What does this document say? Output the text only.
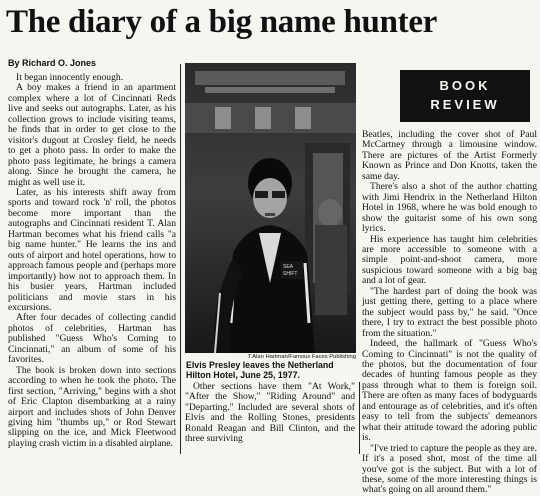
The diary of a big name hunter
By Richard O. Jones

It began innocently enough.

A boy makes a friend in an apartment complex where a lot of Cincinnati Reds live and seeks out autographs. Later, as his collection grows to include visiting teams, he finds that in order to get close to the visitor's dugout at Crosley field, he needs to get a photo pass. In order to make the photo pass legitimate, he brings a camera along. Since he brought the camera, he might as well use it.

Later, as his interests shift away from sports and toward rock 'n' roll, the photos become more important than the autographs and Cincinnati resident T. Alan Hartman becomes what his friend calls "a big name hunter." He learns the ins and outs of airport and hotel operations, how to approach famous people and (perhaps more importantly) how not to approach them. In his busier years, Hartman included politicians and movie stars in his excursions.

After four decades of collecting candid photos of celebrities, Hartman has published "Guess Who's Coming to Cincinnati," an album of some of his favorites.

The book is broken down into sections according to when he took the photo. The first section, "Arriving," begins with a shot of Eric Clapton disembarking at a rainy airport and includes shots of John Denver giving him "thumbs up," or Rod Stewart slipping on the ice, and Mick Fleetwood playing crash victim in a disabled airplane.

SEA
SHIFT
T.Alan Hartman/Famous Faces Publishing
Elvis Presley leaves the Netherland Hilton Hotel, June 25, 1977.

Other sections have them "At Work," "After the Show," "Riding Around" and "Departing." Included are several shots of Elvis and the Rolling Stones, presidents Ronald Reagan and Bill Clinton, and the three surviving

BOOK
REVIEW

Beatles, including the cover shot of Paul McCartney through a limousine window. There are pictures of the Artist Formerly Known as Prince and Don Knotts, taken the same day.

There's also a shot of the author chatting with Jimi Hendrix in the Netherland Hilton Hotel in 1968, where he was bold enough to show the guitarist some of his own song lyrics.

His experience has taught him celebrities are more accessible to someone with a simple point-and-shoot camera, more suspicious toward someone with a big bag and a lot of gear.

"The hardest part of doing the book was just getting there, getting to a place where the subject would pass by," he said. "Once there, I try to extract the best possible photo from the situation."

Indeed, the hallmark of "Guess Who's Coming to Cincinnati" is not the quality of the photos, but the documentation of four decades of hunting famous people as they pass through what to them is foreign soil. There are often as many faces of bodyguards and entourage as of celebrities, and it's often easy to tell from the subjects' demeanors what their attitude toward the adoring public is.

"I've tried to capture the people as they are. If it's a posed shot, most of the time all you've got is the subject. But with a lot of these, some of the more interesting things is what's going on all around them."
